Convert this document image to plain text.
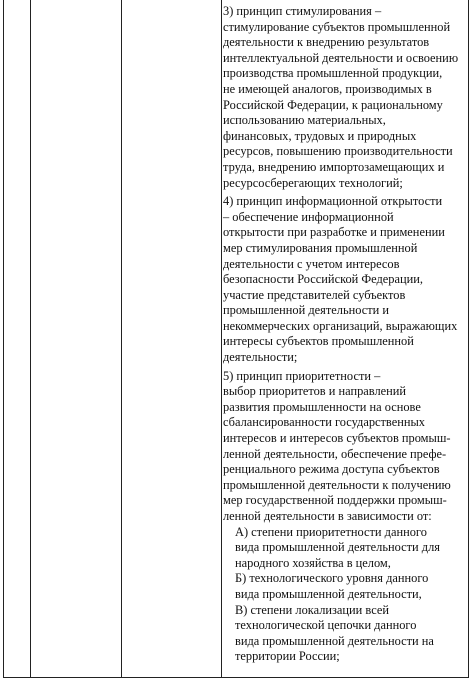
3) принцип стимулирования –
стимулирование субъектов промышленной
деятельности к внедрению результатов
интеллектуальной деятельности и освоению
производства промышленной продукции,
не имеющей аналогов, производимых в
Российской Федерации, к рациональному
использованию материальных,
финансовых, трудовых и природных
ресурсов, повышению производительности
труда, внедрению импортозамещающих и
ресурсосберегающих технологий;
4) принцип информационной открытости
– обеспечение информационной
открытости при разработке и применении
мер стимулирования промышленной
деятельности с учетом интересов
безопасности Российской Федерации,
участие представителей субъектов
промышленной деятельности и
некоммерческих организаций, выражающих
интересы субъектов промышленной
деятельности;
5) принцип приоритетности –
выбор приоритетов и направлений
развития промышленности на основе
сбалансированности государственных
интересов и интересов субъектов промыш-
ленной деятельности, обеспечение префе-
ренциального режима доступа субъектов
промышленной деятельности к получению
мер государственной поддержки промыш-
ленной деятельности в зависимости от:
А) степени приоритетности данного
вида промышленной деятельности для
народного хозяйства в целом,
Б) технологического уровня данного
вида промышленной деятельности,
В) степени локализации всей
технологической цепочки данного
вида промышленной деятельности на
территории России;
